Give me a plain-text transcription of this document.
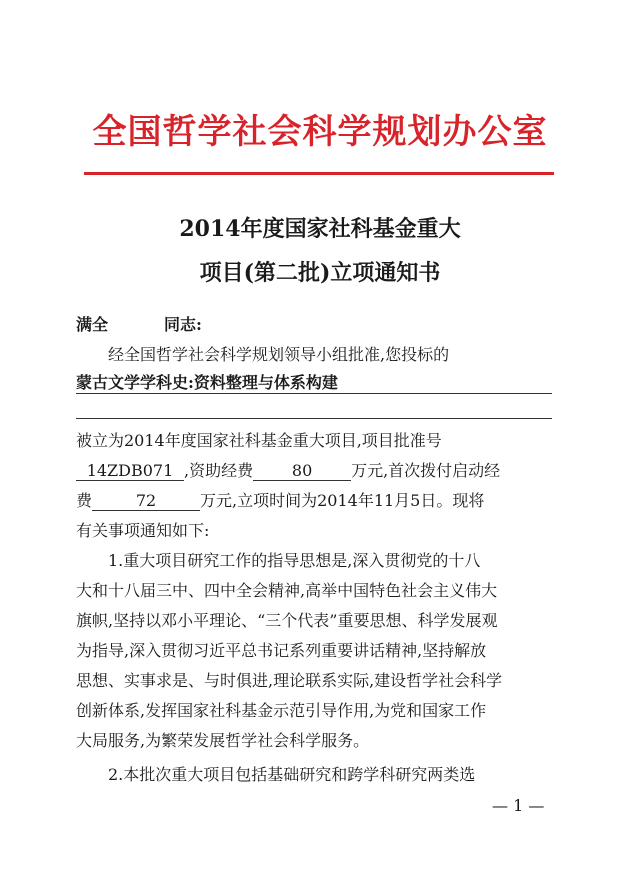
全国哲学社会科学规划办公室
2014年度国家社科基金重大
项目(第二批)立项通知书
满全	同志:
经全国哲学社会科学规划领导小组批准,您投标的
蒙古文学学科史:资料整理与体系构建
被立为2014年度国家社科基金重大项目,项目批准号
14ZDB071 ,资助经费 80 万元,首次拨付启动经
费	72	万元,立项时间为2014年11月5日。现将
有关事项通知如下:
1.重大项目研究工作的指导思想是,深入贯彻党的十八
大和十八届三中、四中全会精神,高举中国特色社会主义伟大
旗帜,坚持以邓小平理论、“三个代表”重要思想、科学发展观
为指导,深入贯彻习近平总书记系列重要讲话精神,坚持解放
思想、实事求是、与时俱进,理论联系实际,建设哲学社会科学
创新体系,发挥国家社科基金示范引导作用,为党和国家工作
大局服务,为繁荣发展哲学社会科学服务。
2.本批次重大项目包括基础研究和跨学科研究两类选
— 1 —
